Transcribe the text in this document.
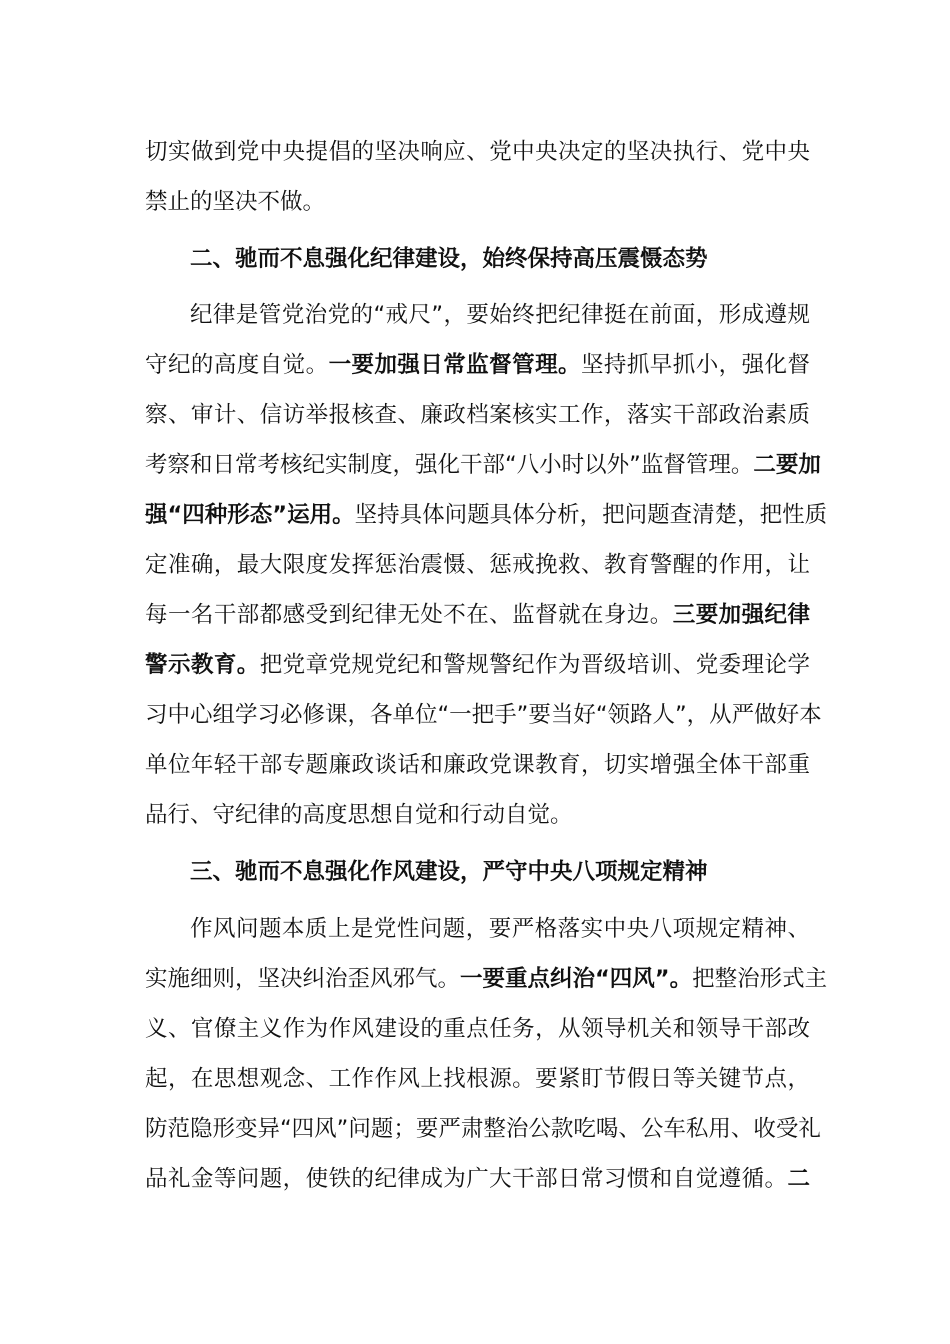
切实做到党中央提倡的坚决响应、党中央决定的坚决执行、党中央
禁止的坚决不做。
二、驰而不息强化纪律建设，始终保持高压震慑态势
纪律是管党治党的“戒尺”，要始终把纪律挺在前面，形成遵规
守纪的高度自觉。一要加强日常监督管理。坚持抓早抓小，强化督
察、审计、信访举报核查、廉政档案核实工作，落实干部政治素质
考察和日常考核纪实制度，强化干部“八小时以外”监督管理。二要加
强“四种形态”运用。坚持具体问题具体分析，把问题查清楚，把性质
定准确，最大限度发挥惩治震慑、惩戒挽救、教育警醒的作用，让
每一名干部都感受到纪律无处不在、监督就在身边。三要加强纪律
警示教育。把党章党规党纪和警规警纪作为晋级培训、党委理论学
习中心组学习必修课，各单位“一把手”要当好“领路人”，从严做好本
单位年轻干部专题廉政谈话和廉政党课教育，切实增强全体干部重
品行、守纪律的高度思想自觉和行动自觉。
三、驰而不息强化作风建设，严守中央八项规定精神
作风问题本质上是党性问题，要严格落实中央八项规定精神、
实施细则，坚决纠治歪风邪气。一要重点纠治“四风”。把整治形式主
义、官僚主义作为作风建设的重点任务，从领导机关和领导干部改
起，在思想观念、工作作风上找根源。要紧盯节假日等关键节点，
防范隐形变异“四风”问题；要严肃整治公款吃喝、公车私用、收受礼
品礼金等问题，使铁的纪律成为广大干部日常习惯和自觉遵循。二
